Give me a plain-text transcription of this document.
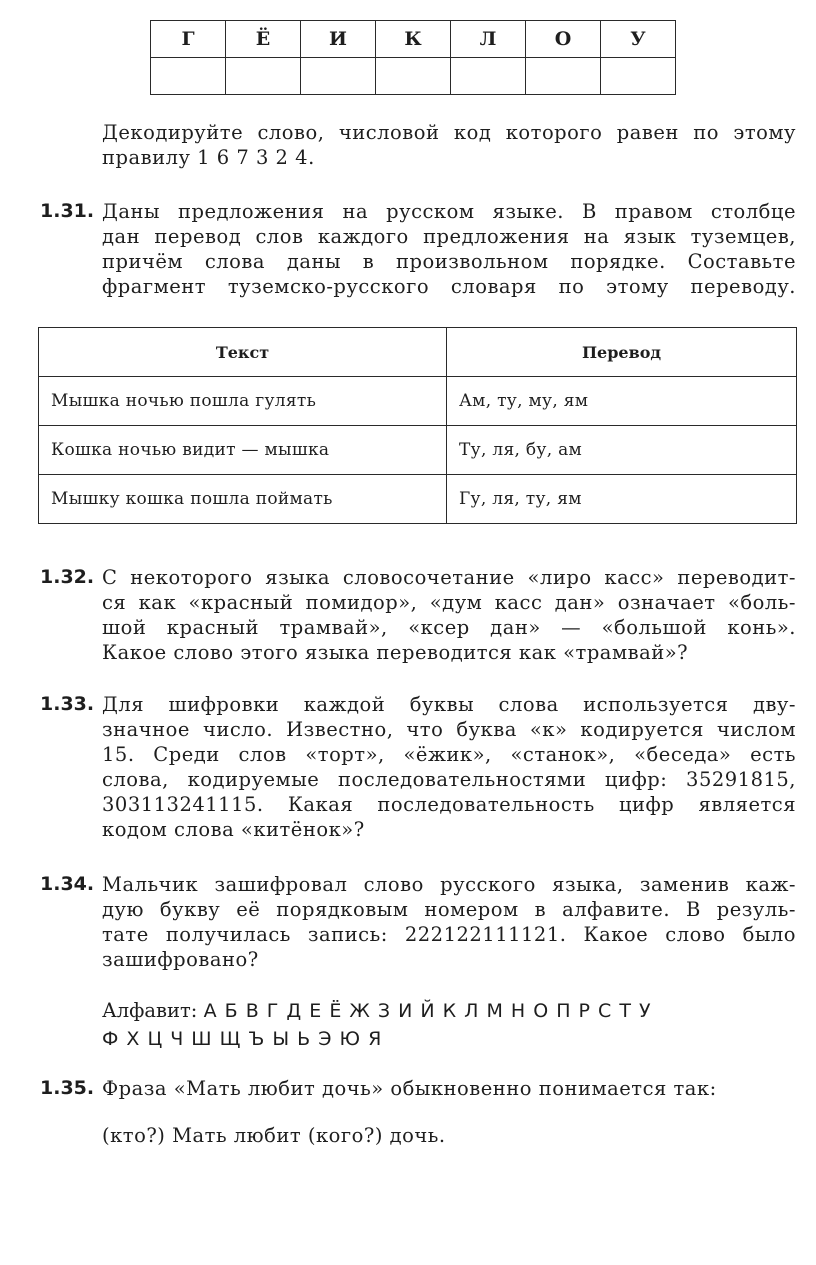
Г	Ё	И	К	Л	О	У

Декодируйте слово, числовой код которого равен по этому
правилу 1 6 7 3 2 4.
1.31. Даны предложения на русском языке. В правом столбце
дан перевод слов каждого предложения на язык туземцев,
причём слова даны в произвольном порядке. Составьте
фрагмент туземско-русского словаря по этому переводу.
Текст	Перевод
Мышка ночью пошла гулять	Ам, ту, му, ям
Кошка ночью видит — мышка	Ту, ля, бу, ам
Мышку кошка пошла поймать	Гу, ля, ту, ям
1.32. С некоторого языка словосочетание «лиро касс» переводит-
ся как «красный помидор», «дум касс дан» означает «боль-
шой красный трамвай», «ксер дан» — «большой конь».
Какое слово этого языка переводится как «трамвай»?
1.33. Для шифровки каждой буквы слова используется дву-
значное число. Известно, что буква «к» кодируется числом
15. Среди слов «торт», «ёжик», «станок», «беседа» есть
слова, кодируемые последовательностями цифр: 35291815,
303113241115. Какая последовательность цифр является
кодом слова «китёнок»?
1.34. Мальчик зашифровал слово русского языка, заменив каж-
дую букву её порядковым номером в алфавите. В резуль-
тате получилась запись: 222122111121. Какое слово было
зашифровано?
Алфавит: А Б В Г Д Е Ё Ж З И Й К Л М Н О П Р С Т У
Ф Х Ц Ч Ш Щ Ъ Ы Ь Э Ю Я
1.35. Фраза «Мать любит дочь» обыкновенно понимается так:
(кто?) Мать любит (кого?) дочь.
